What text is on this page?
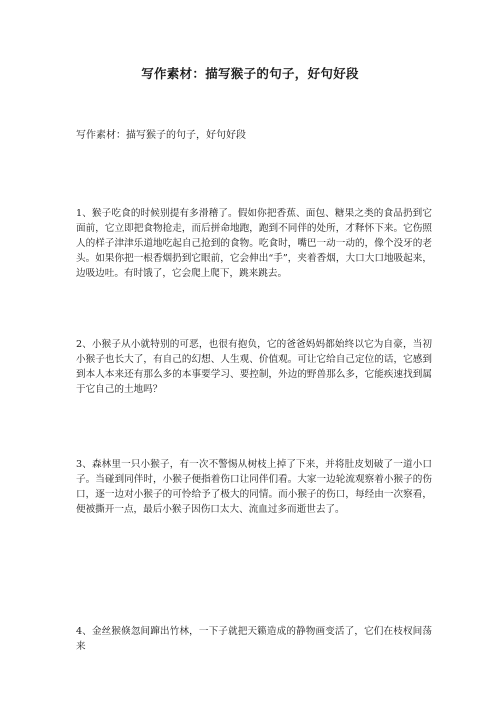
写作素材：描写猴子的句子，好句好段
写作素材：描写猴子的句子，好句好段

1、猴子吃食的时候别提有多滑稽了。假如你把香蕉、面包、糖果之类的食品扔到它面前，它立即把食物抢走，而后拼命地跑，跑到不同伴的处所，才释怀下来。它伤照人的样子津津乐道地吃起自己抢到的食物。吃食时，嘴巴一动一动的，像个没牙的老头。如果你把一根香烟扔到它眼前，它会伸出“手”，夹着香烟，大口大口地吸起来，边吸边吐。有时饿了，它会爬上爬下，跳来跳去。

2、小猴子从小就特别的可恶，也很有抱负，它的爸爸妈妈都始终以它为自豪，当初小猴子也长大了，有自己的幻想、人生观、价值观。可让它给自己定位的话，它感到到本人本来还有那么多的本事要学习、要控制，外边的野兽那么多，它能疾速找到属于它自己的土地吗？

3、森林里一只小猴子，有一次不警惕从树枝上掉了下来，并将肚皮划破了一道小口子。当碰到同伴时，小猴子便指着伤口让同伴们看。大家一边轮流观察着小猴子的伤口，逐一边对小猴子的可怜给予了极大的同情。而小猴子的伤口，每经由一次察看，便被撕开一点，最后小猴子因伤口太大、流血过多而逝世去了。

4、金丝猴倏忽间蹿出竹林，一下子就把天籁造成的静物画变活了，它们在枝杈间荡来
